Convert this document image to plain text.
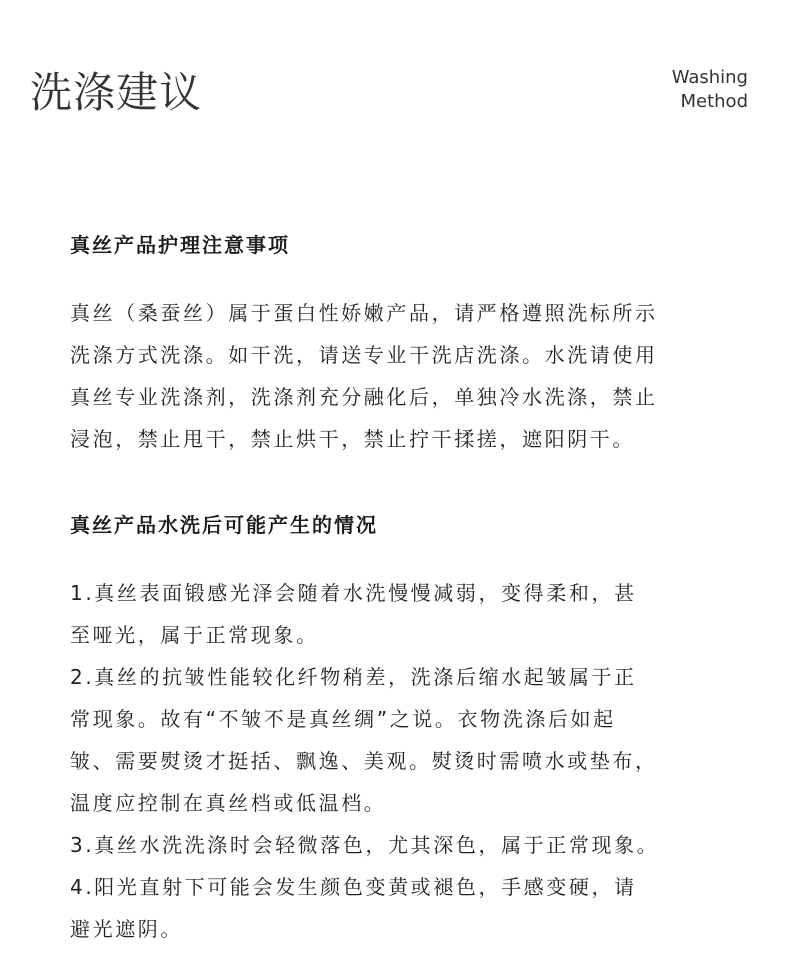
洗涤建议	Washing
Method
真丝产品护理注意事项

真丝（桑蚕丝）属于蛋白性娇嫩产品，请严格遵照洗标所示
洗涤方式洗涤。如干洗，请送专业干洗店洗涤。水洗请使用
真丝专业洗涤剂，洗涤剂充分融化后，单独冷水洗涤，禁止
浸泡，禁止甩干，禁止烘干，禁止拧干揉搓，遮阳阴干。

真丝产品水洗后可能产生的情况

1.真丝表面锻感光泽会随着水洗慢慢减弱，变得柔和，甚
至哑光，属于正常现象。
2.真丝的抗皱性能较化纤物稍差，洗涤后缩水起皱属于正
常现象。故有“不皱不是真丝绸”之说。衣物洗涤后如起
皱、需要熨烫才挺括、飘逸、美观。熨烫时需喷水或垫布，
温度应控制在真丝档或低温档。
3.真丝水洗洗涤时会轻微落色，尤其深色，属于正常现象。
4.阳光直射下可能会发生颜色变黄或褪色，手感变硬，请
避光遮阴。
